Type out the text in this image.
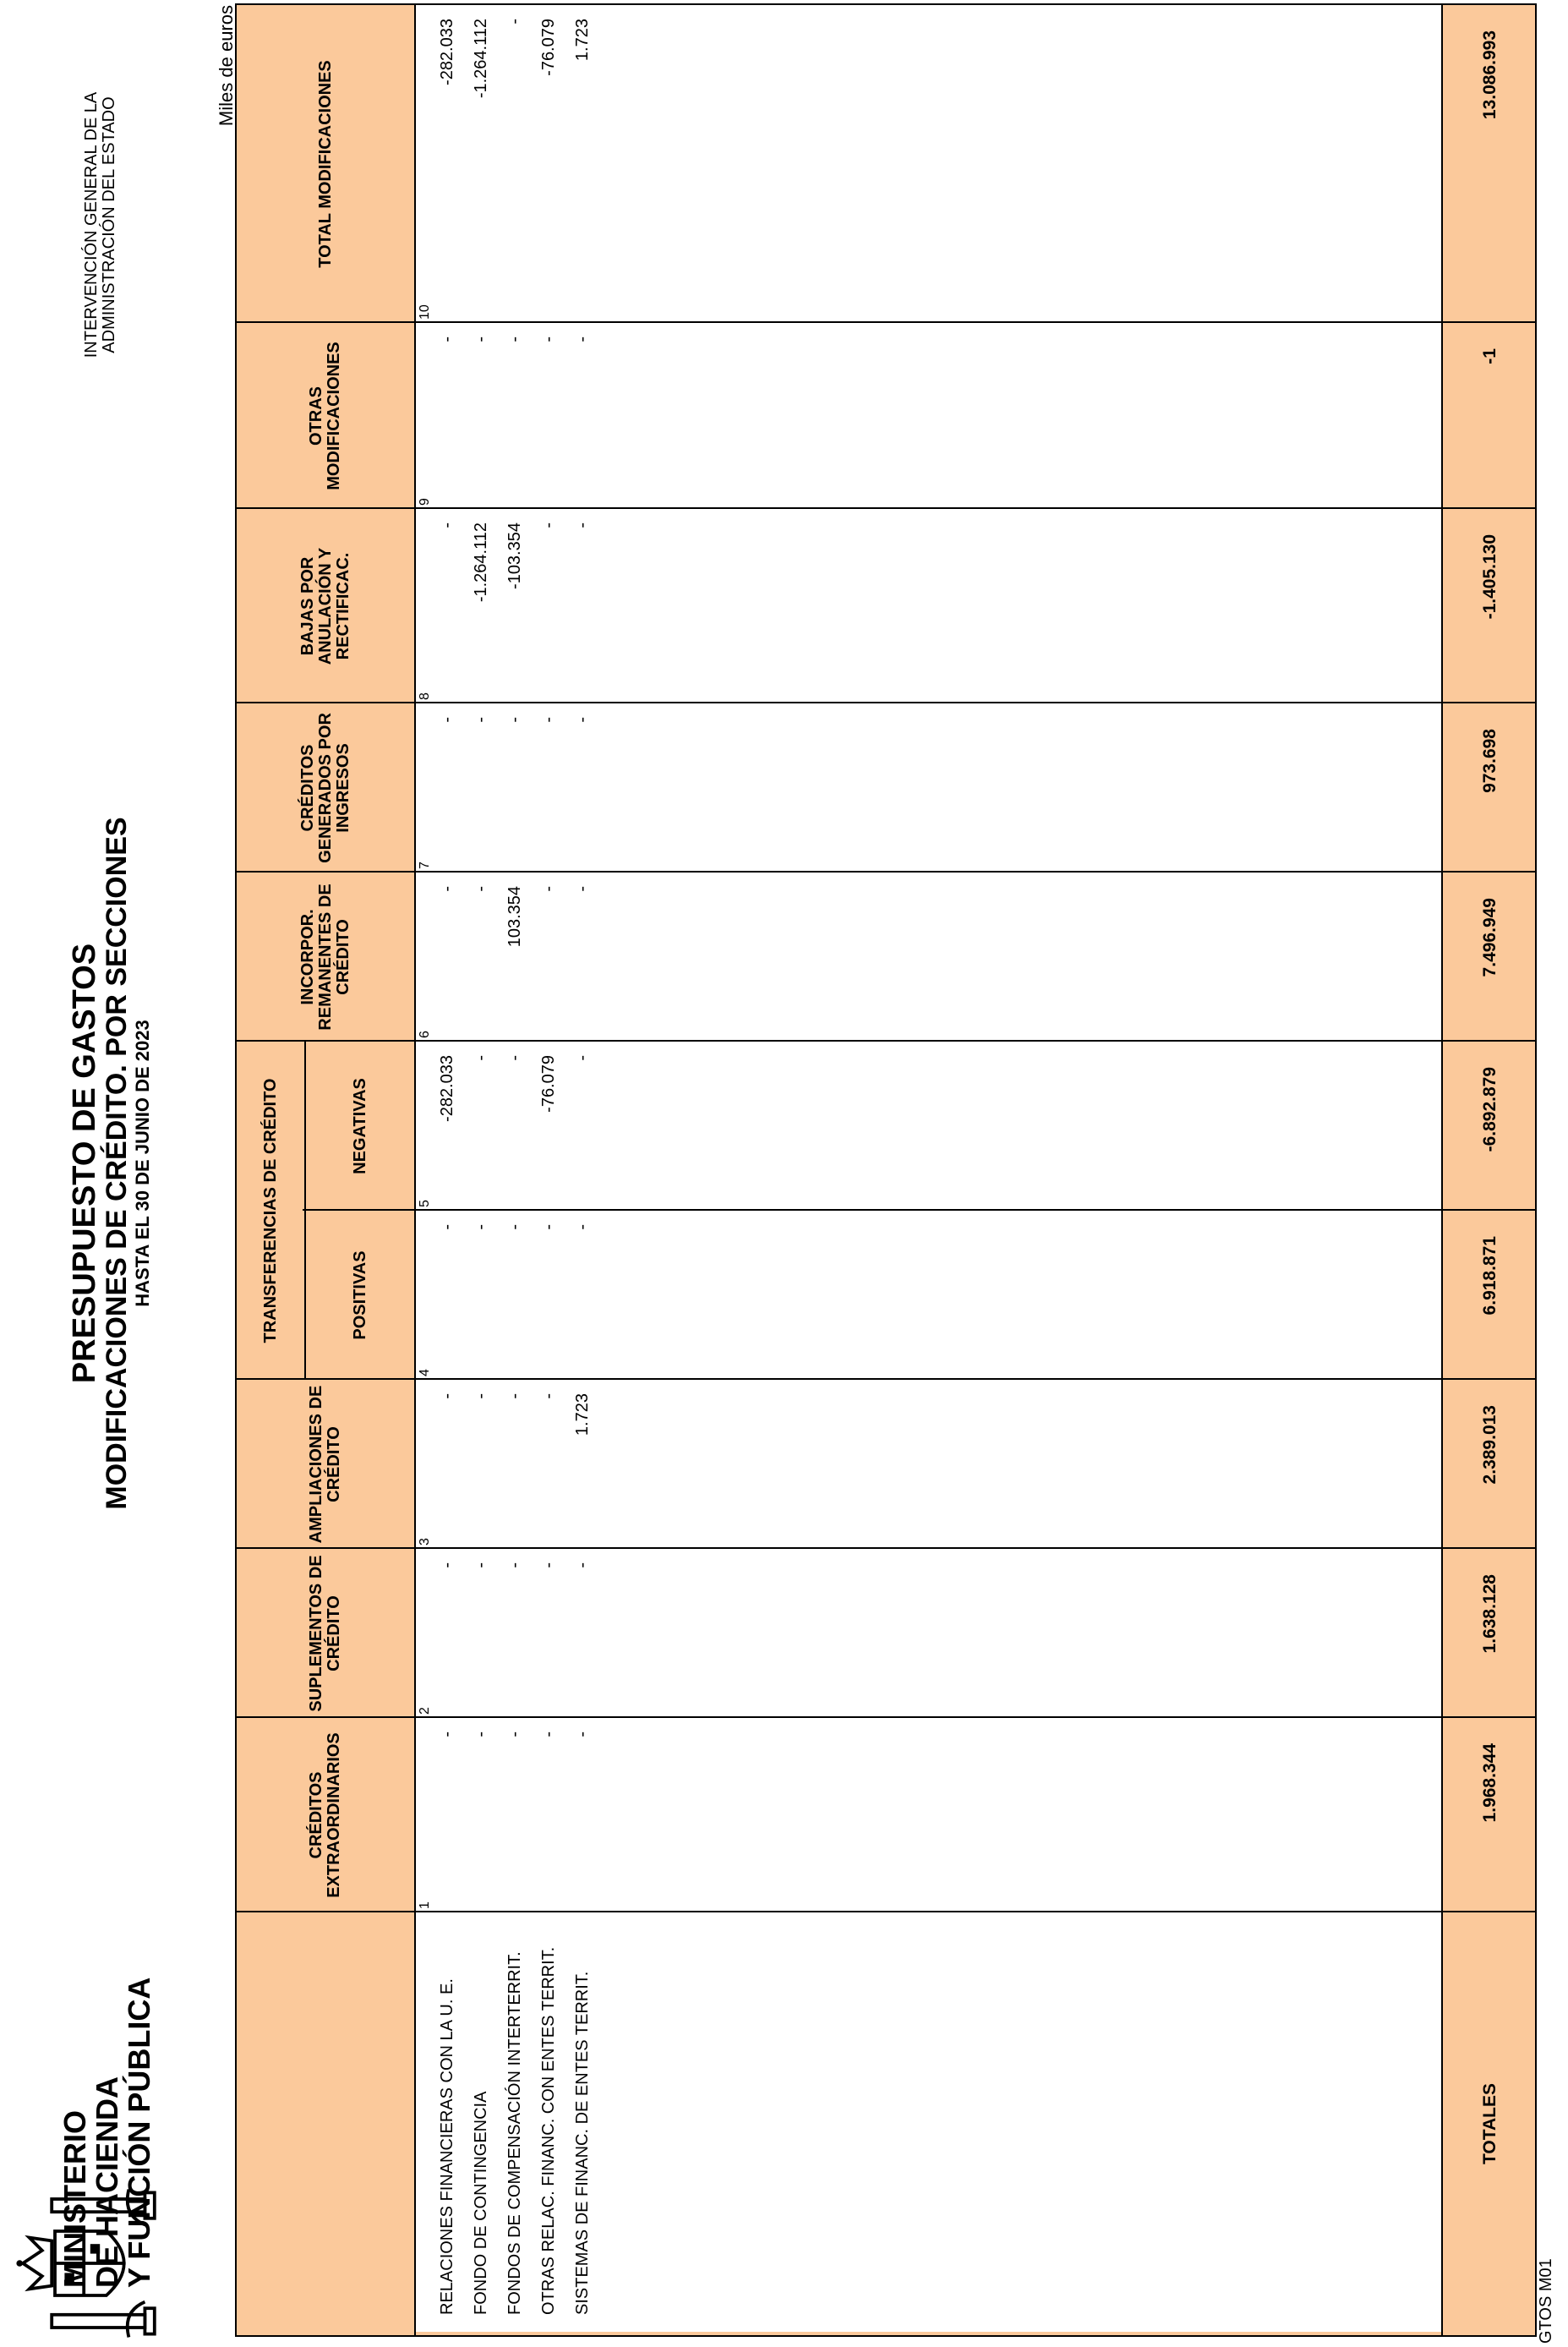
MINISTERIO
DE HACIENDA
Y FUNCIÓN PÚBLICA
PRESUPUESTO DE GASTOS
MODIFICACIONES DE CRÉDITO. POR SECCIONES HASTA EL 30 DE JUNIO DE 2023
INTERVENCIÓN GENERAL DE LA ADMINISTRACIÓN DEL ESTADO
Miles de euros
TRANSFERENCIAS DE CRÉDITO
CRÉDITOS EXTRAORDINARIOS
1
SUPLEMENTOS DE CRÉDITO
2
AMPLIACIONES DE CRÉDITO
3
POSITIVAS
4
NEGATIVAS
5
INCORPOR. REMANENTES DE CRÉDITO
6
CRÉDITOS GENERADOS POR INGRESOS
7
BAJAS POR ANULACIÓN Y RECTIFICAC.
8
OTRAS MODIFICACIONES
9
TOTAL MODIFICACIONES
10
RELACIONES FINANCIERAS CON LA U. E.
-
-
-
-
-282.033
-
-
-
-
-282.033
FONDO DE CONTINGENCIA
-
-
-
-
-
-
-
-1.264.112
-
-1.264.112
FONDOS DE COMPENSACIÓN INTERTERRIT.
-
-
-
-
-
103.354
-
-103.354
-
-
OTRAS RELAC. FINANC. CON ENTES TERRIT.
-
-
-
-
-76.079
-
-
-
-
-76.079
SISTEMAS DE FINANC. DE ENTES TERRIT.
-
-
1.723
-
-
-
-
-
-
1.723
TOTALES
1.968.344
1.638.128
2.389.013
6.918.871
-6.892.879
7.496.949
973.698
-1.405.130
-1
13.086.993
GTOS M01
